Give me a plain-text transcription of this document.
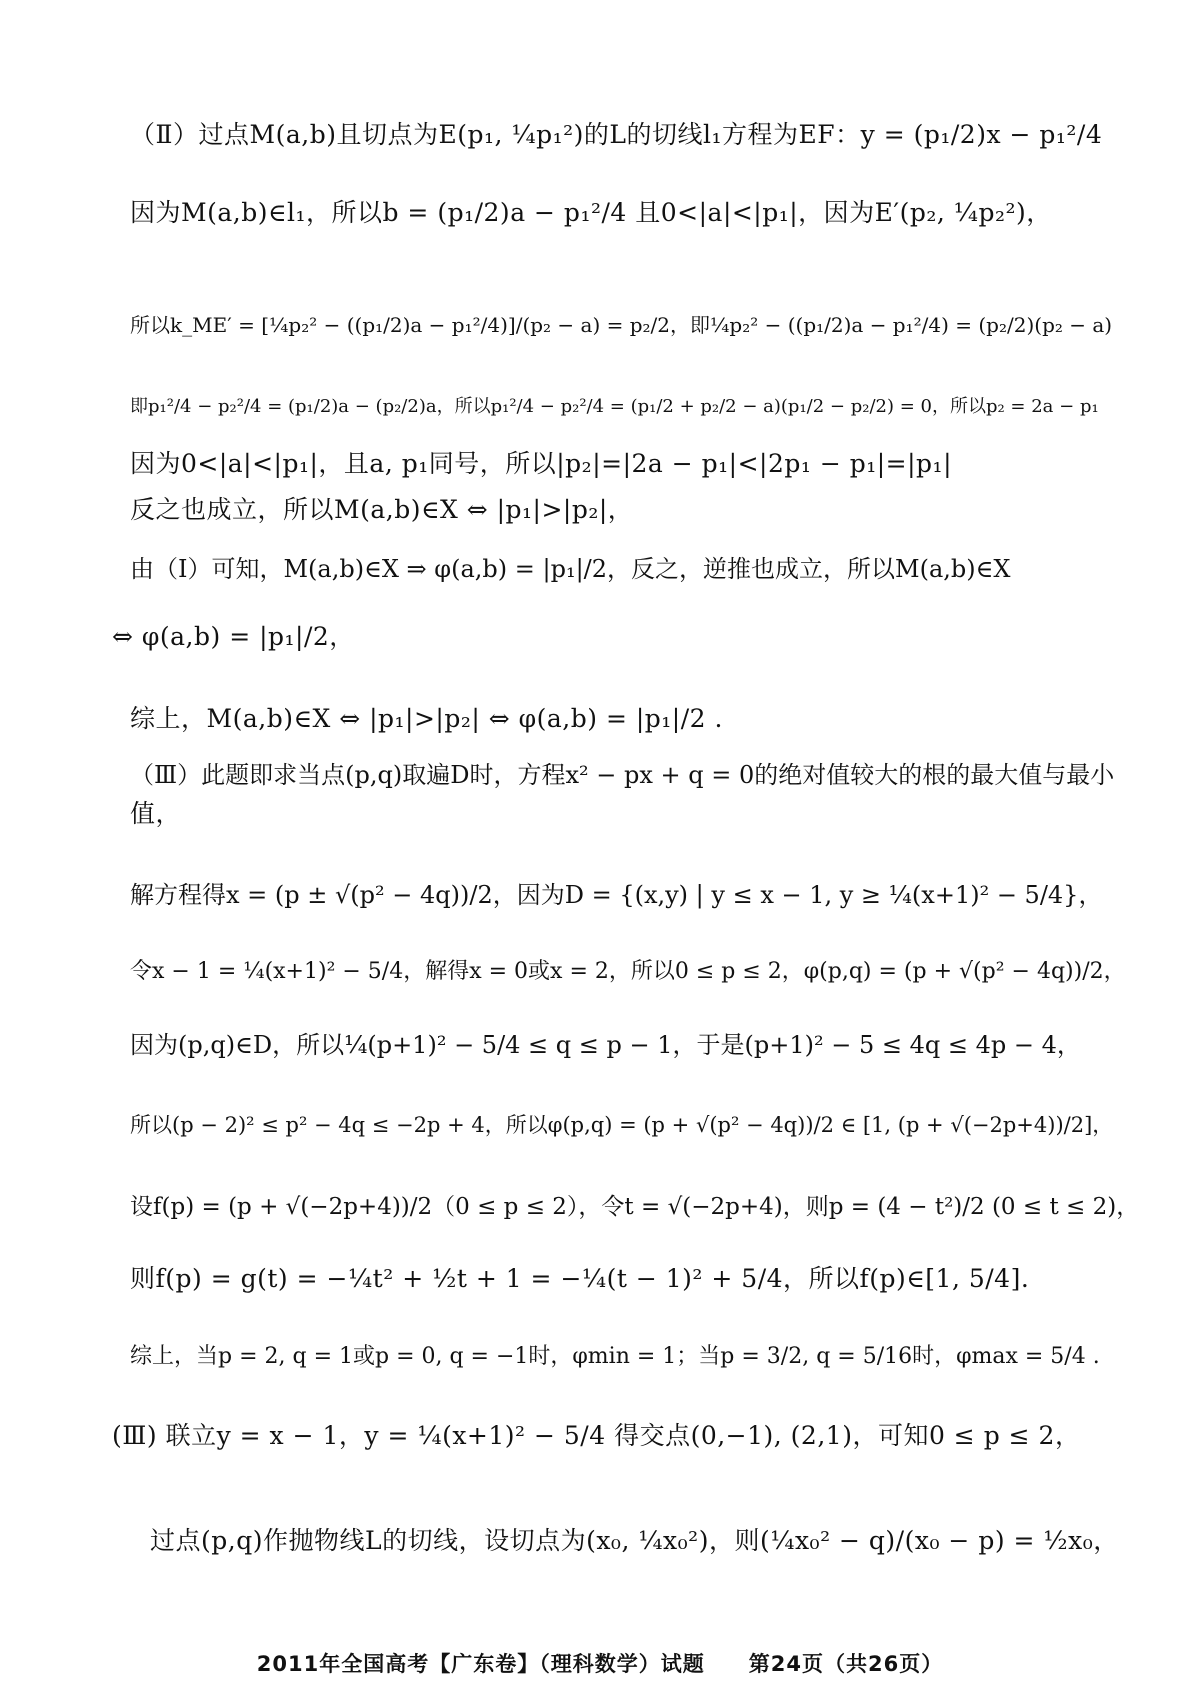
（Ⅱ）过点M(a,b)且切点为E(p₁, ¼p₁²)的L的切线l₁方程为EF：y = (p₁/2)x − p₁²/4
因为M(a,b)∈l₁，所以b = (p₁/2)a − p₁²/4 且0<|a|<|p₁|，因为E′(p₂, ¼p₂²)，
所以k_ME′ = [¼p₂² − ((p₁/2)a − p₁²/4)]/(p₂ − a) = p₂/2，即¼p₂² − ((p₁/2)a − p₁²/4) = (p₂/2)(p₂ − a)
即p₁²/4 − p₂²/4 = (p₁/2)a − (p₂/2)a，所以p₁²/4 − p₂²/4 = (p₁/2 + p₂/2 − a)(p₁/2 − p₂/2) = 0，所以p₂ = 2a − p₁
因为0<|a|<|p₁|，且a, p₁同号，所以|p₂|=|2a − p₁|<|2p₁ − p₁|=|p₁|
反之也成立，所以M(a,b)∈X ⇔ |p₁|>|p₂|，
由（Ⅰ）可知，M(a,b)∈X ⇒ φ(a,b) = |p₁|/2，反之，逆推也成立，所以M(a,b)∈X
⇔ φ(a,b) = |p₁|/2，
综上，M(a,b)∈X ⇔ |p₁|>|p₂| ⇔ φ(a,b) = |p₁|/2 .
（Ⅲ）此题即求当点(p,q)取遍D时，方程x² − px + q = 0的绝对值较大的根的最大值与最小
值，
解方程得x = (p ± √(p² − 4q))/2，因为D = {(x,y) | y ≤ x − 1, y ≥ ¼(x+1)² − 5/4}，
令x − 1 = ¼(x+1)² − 5/4，解得x = 0或x = 2，所以0 ≤ p ≤ 2，φ(p,q) = (p + √(p² − 4q))/2，
因为(p,q)∈D，所以¼(p+1)² − 5/4 ≤ q ≤ p − 1，于是(p+1)² − 5 ≤ 4q ≤ 4p − 4，
所以(p − 2)² ≤ p² − 4q ≤ −2p + 4，所以φ(p,q) = (p + √(p² − 4q))/2 ∈ [1, (p + √(−2p+4))/2]，
设f(p) = (p + √(−2p+4))/2（0 ≤ p ≤ 2），令t = √(−2p+4)，则p = (4 − t²)/2 (0 ≤ t ≤ 2)，
则f(p) = g(t) = −¼t² + ½t + 1 = −¼(t − 1)² + 5/4，所以f(p)∈[1, 5/4].
综上，当p = 2, q = 1或p = 0, q = −1时，φmin = 1；当p = 3/2, q = 5/16时，φmax = 5/4 .
(Ⅲ) 联立y = x − 1，y = ¼(x+1)² − 5/4 得交点(0,−1), (2,1)，可知0 ≤ p ≤ 2，
过点(p,q)作抛物线L的切线，设切点为(x₀, ¼x₀²)，则(¼x₀² − q)/(x₀ − p) = ½x₀，
2011年全国高考【广东卷】（理科数学）试题　　第24页（共26页）
